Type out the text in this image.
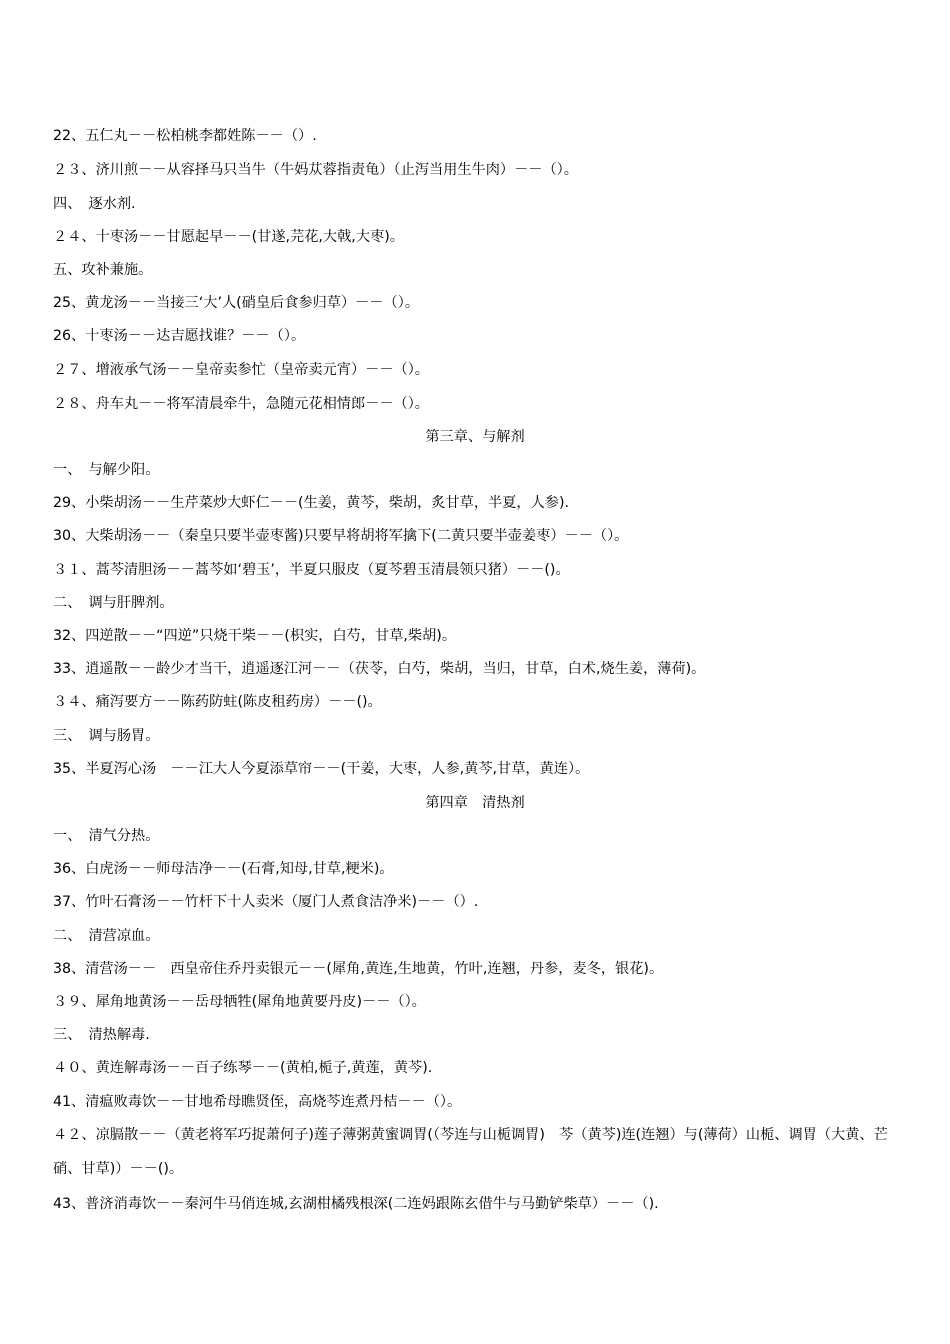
22、五仁丸－－松柏桃李都姓陈－－（）.
２３、济川煎－－从容择马只当牛（牛妈苁蓉指责龟）（止泻当用生牛肉）－－（）。
四、　逐水剂.
２４、十枣汤－－甘愿起早－－(甘遂,芫花,大戟,大枣)。
五、攻补兼施。
25、黄龙汤－－当接三‘大’人(硝皇后食参归草）－－（）。
26、十枣汤－－达吉愿找谁？－－（）。
２７、增液承气汤－－皇帝卖参忙（皇帝卖元宵）－－（）。
２８、舟车丸－－将军清晨牵牛，急随元花相情郎－－（）。
第三章、与解剂
一、　与解少阳。
29、小柴胡汤－－生芹菜炒大虾仁－－(生姜，黄芩，柴胡，炙甘草，半夏，人参).
30、大柴胡汤－－（秦皇只要半壶枣酱)只要早将胡将军擒下(二黄只要半壶姜枣）－－（）。
３１、蒿芩清胆汤－－蒿芩如‘碧玉’，半夏只服皮（夏芩碧玉清晨领只猪）－－()。
二、　调与肝脾剂。
32、四逆散－－“四逆”只烧干柴－－(枳实，白芍，甘草,柴胡)。
33、逍遥散－－龄少才当干，逍遥逐江河－－（茯苓，白芍，柴胡，当归，甘草，白术,烧生姜，薄荷)。
３４、痛泻要方－－陈药防蛀(陈皮租药房）－－()。
三、　调与肠胃。
35、半夏泻心汤　－－江大人今夏添草帘－－(干姜，大枣，人参,黄芩,甘草，黄连）。
第四章　清热剂
一、　清气分热。
36、白虎汤－－师母洁净－－(石膏,知母,甘草,粳米)。
37、竹叶石膏汤－－竹杆下十人卖米（厦门人煮食洁净米)－－（）.
二、　清营凉血。
38、清营汤－－　西皇帝住乔丹卖银元－－(犀角,黄连,生地黄，竹叶,连翘，丹参，麦冬，银花)。
３９、犀角地黄汤－－岳母牺牲(犀角地黄要丹皮)－－（）。
三、　清热解毒.
４０、黄连解毒汤－－百子练琴－－(黄柏,栀子,黄莲，黄芩).
41、清瘟败毒饮－－甘地希母瞧贤侄，高烧芩连煮丹桔－－（）。
４２、凉膈散－－（黄老将军巧捉萧何子)莲子薄粥黄蜜调胃(（芩连与山栀调胃)　芩（黄芩)连(连翘）与(薄荷）山栀、调胃（大黄、芒硝、甘草)）－－()。
43、普济消毒饮－－秦河牛马俏连城,玄湖柑橘残根深(二连妈跟陈玄借牛与马勤铲柴草）－－（).
